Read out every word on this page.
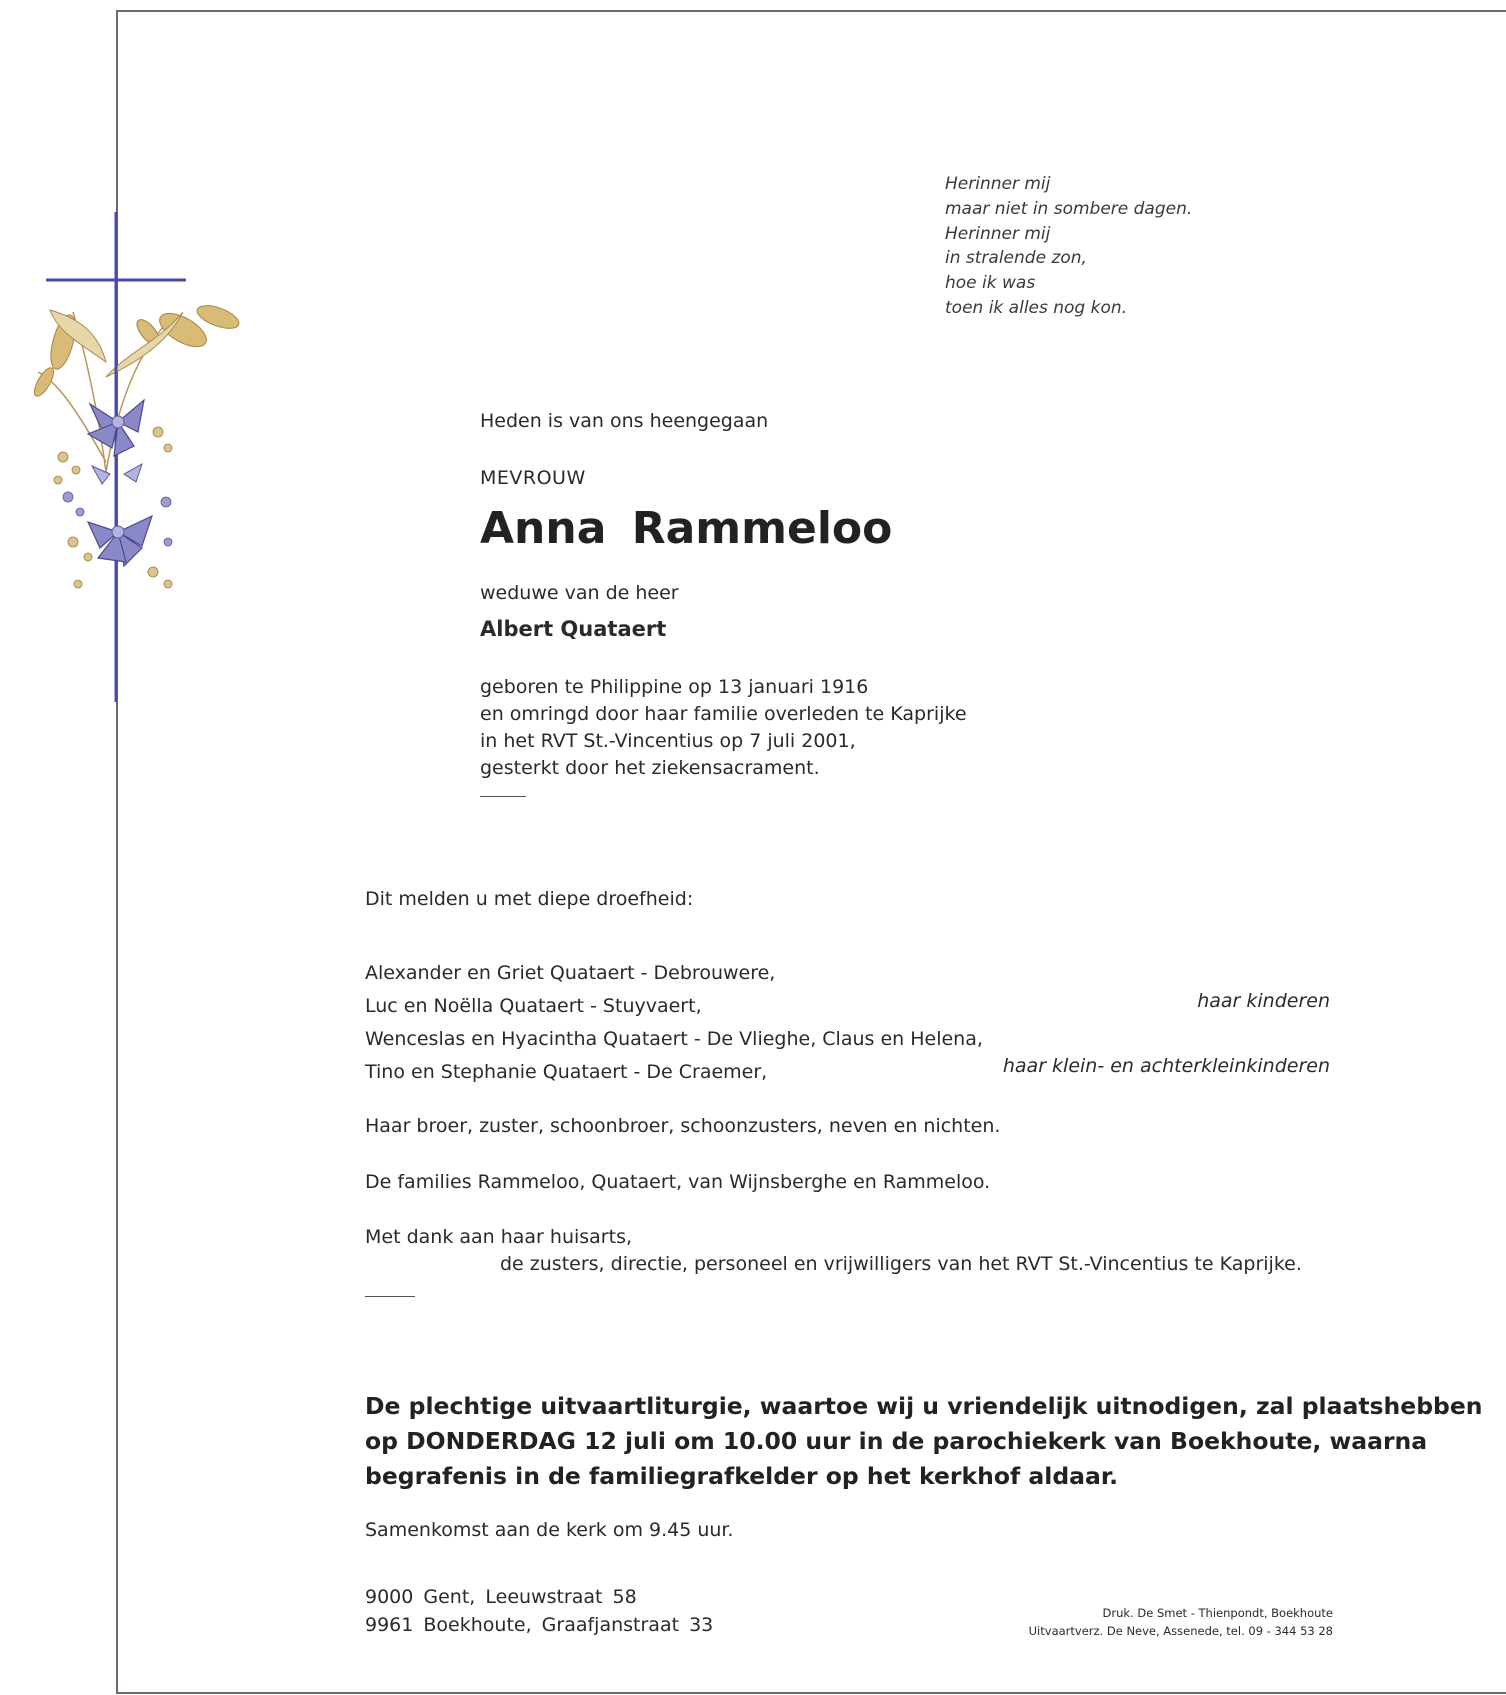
Herinner mij
maar niet in sombere dagen.
Herinner mij
in stralende zon,
hoe ik was
toen ik alles nog kon.
Heden is van ons heengegaan
MEVROUW
Anna Rammeloo
weduwe van de heer
Albert Quataert
geboren te Philippine op 13 januari 1916
en omringd door haar familie overleden te Kaprijke
in het RVT St.-Vincentius op 7 juli 2001,
gesterkt door het ziekensacrament.
Dit melden u met diepe droefheid:
Alexander en Griet Quataert - Debrouwere,
Luc en Noëlla Quataert - Stuyvaert,
Wenceslas en Hyacintha Quataert - De Vlieghe, Claus en Helena,
Tino en Stephanie Quataert - De Craemer,
haar kinderen
haar klein- en achterkleinkinderen
Haar broer, zuster, schoonbroer, schoonzusters, neven en nichten.
De families Rammeloo, Quataert, van Wijnsberghe en Rammeloo.
Met dank aan haar huisarts,
de zusters, directie, personeel en vrijwilligers van het RVT St.-Vincentius te Kaprijke.
De plechtige uitvaartliturgie, waartoe wij u vriendelijk uitnodigen, zal plaatshebben
op DONDERDAG 12 juli om 10.00 uur in de parochiekerk van Boekhoute, waarna
begrafenis in de familiegrafkelder op het kerkhof aldaar.
Samenkomst aan de kerk om 9.45 uur.
9000 Gent, Leeuwstraat 58
9961 Boekhoute, Graafjanstraat 33
Druk. De Smet - Thienpondt, Boekhoute
Uitvaartverz. De Neve, Assenede, tel. 09 - 344 53 28
